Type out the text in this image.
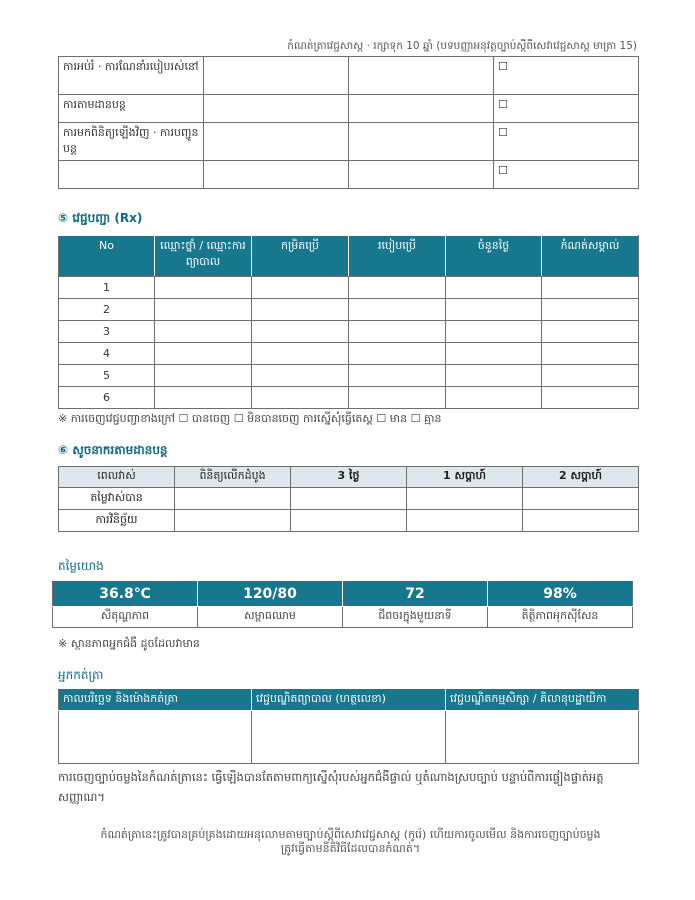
កំណត់ត្រាវេជ្ជសាស្ត · រក្សាទុក 10 ឆ្នាំ (បទបញ្ញាអនុវត្តច្បាប់ស្ដីពីសេវាវេជ្ជសាស្ត មាត្រា 15)
ការអប់រំ · ការណែនាំរបៀបរស់នៅ			☐
ការតាមដានបន្ត			☐
ការមកពិនិត្យឡើងវិញ · ការបញ្ជូនបន្ត			☐
			☐
⑤ វេជ្ជបញ្ជា (Rx)
No	ឈ្មោះថ្នាំ / ឈ្មោះការព្យាបាល	កម្រិតប្រើ	របៀបប្រើ	ចំនួនថ្ងៃ	កំណត់សម្គាល់
1					
2					
3					
4					
5					
6					
※ ការចេញវេជ្ជបញ្ជាខាងក្រៅ ☐ បានចេញ ☐ មិនបានចេញ ការស្នើសុំធ្វើតេស្ត ☐ មាន ☐ គ្មាន
⑥ សូចនាករតាមដានបន្ត
ពេលវាស់	ពិនិត្យលើកដំបូង	3 ថ្ងៃ	1 សប្ដាហ៍	2 សប្ដាហ៍
តម្លៃវាស់បាន				
ការវិនិច្ឆ័យ				
តម្លៃយោង
36.8℃	120/80	72	98%
សីតុណ្ហភាព	សម្ពាធឈាម	ជីពចរក្នុងមួយនាទី	តិត្ថិភាពអុកស៊ីសែន
※ ស្ថានភាពអ្នកជំងឺ ដូចដែលវាមាន
អ្នកកត់ត្រា
កាលបរិច្ឆេទ និងម៉ោងកត់ត្រា	វេជ្ជបណ្ឌិតព្យាបាល (ហត្ថលេខា)	វេជ្ជបណ្ឌិតកម្មសិក្សា / គិលានុបដ្ឋាយិកា

ការចេញច្បាប់ចម្លងនៃកំណត់ត្រានេះ ធ្វើឡើងបានតែតាមពាក្យស្នើសុំរបស់អ្នកជំងឺផ្ទាល់ ឬតំណាងស្របច្បាប់ បន្ទាប់ពីការផ្ទៀងផ្ទាត់អត្តសញ្ញាណ។
កំណត់ត្រានេះត្រូវបានគ្រប់គ្រងដោយអនុលោមតាមច្បាប់ស្ដីពីសេវាវេជ្ជសាស្ត (កូរ៉េ) ហើយការចូលមើល និងការចេញច្បាប់ចម្លង
ត្រូវធ្វើតាមនីតិវិធីដែលបានកំណត់។
